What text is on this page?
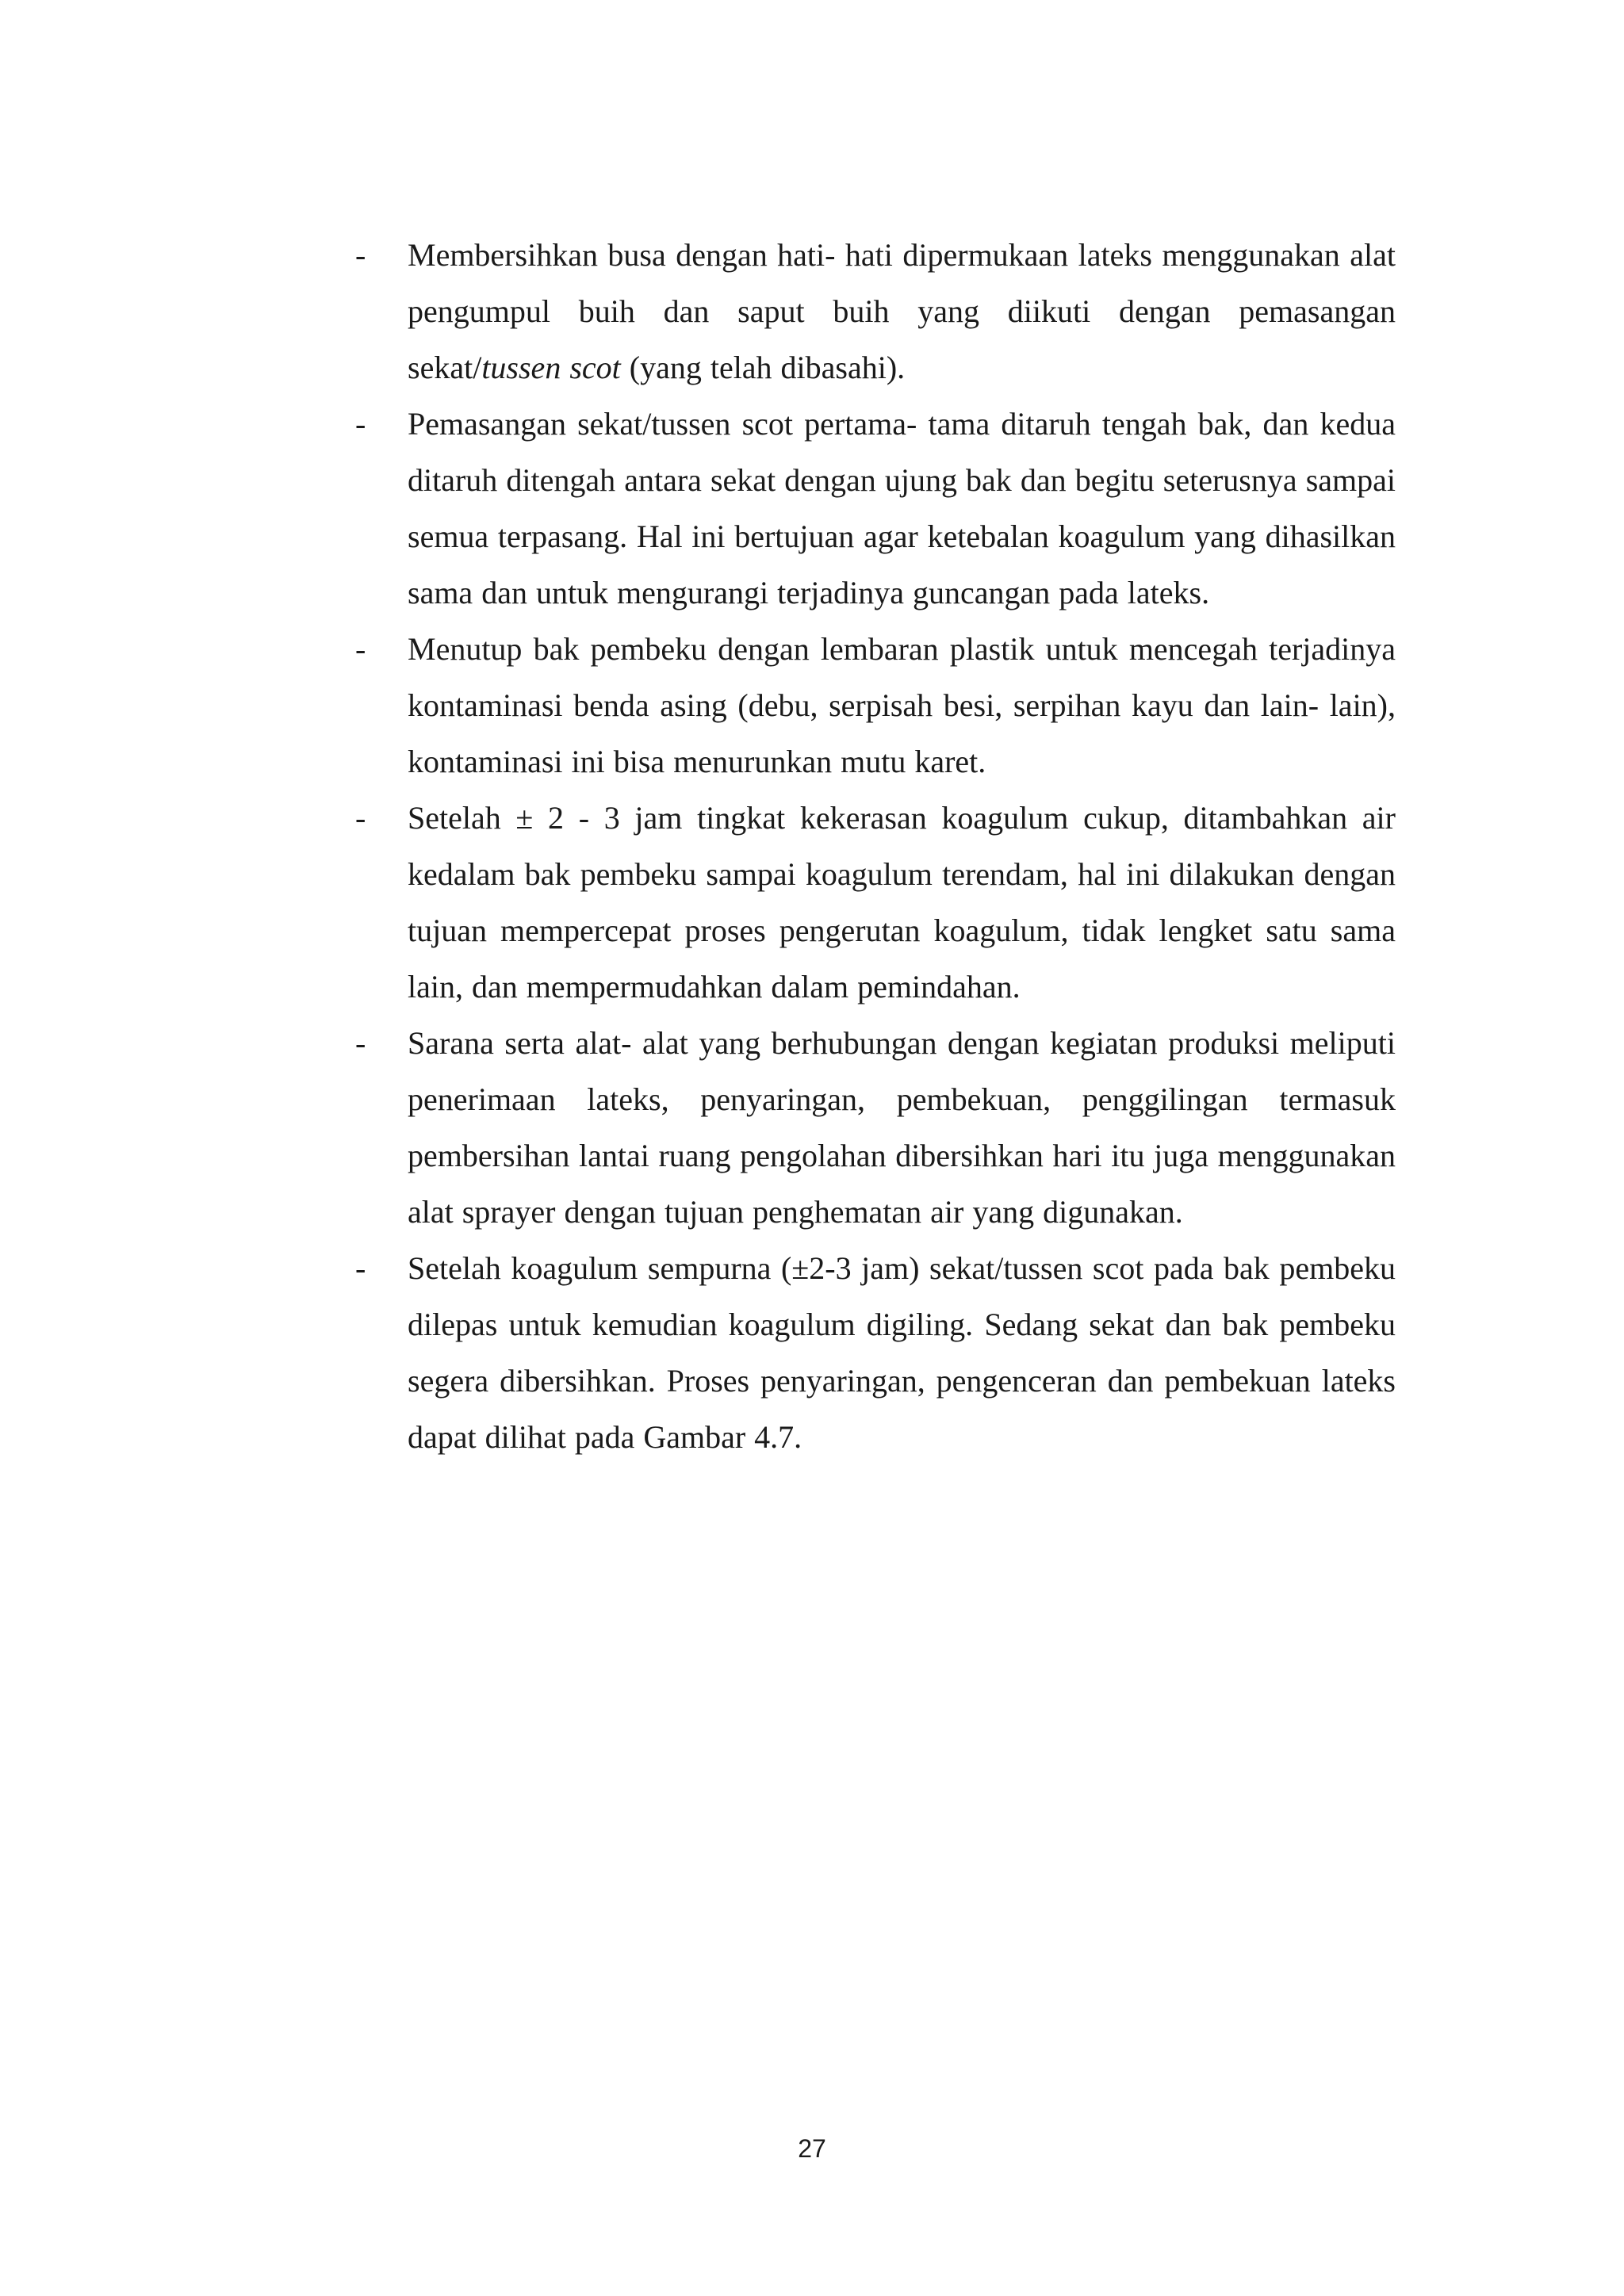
-	Membersihkan busa dengan hati- hati dipermukaan lateks menggunakan alat pengumpul buih dan saput buih yang diikuti dengan pemasangan sekat/tussen scot (yang telah dibasahi).
-	Pemasangan sekat/tussen scot pertama- tama ditaruh tengah bak, dan kedua ditaruh ditengah antara sekat dengan ujung bak dan begitu seterusnya sampai semua terpasang. Hal ini bertujuan agar ketebalan koagulum yang dihasilkan sama dan untuk mengurangi terjadinya guncangan pada lateks.
-	Menutup bak pembeku dengan lembaran plastik untuk mencegah terjadinya kontaminasi benda asing (debu, serpisah besi, serpihan kayu dan lain- lain), kontaminasi ini bisa menurunkan mutu karet.
-	Setelah ± 2 - 3 jam tingkat kekerasan koagulum cukup, ditambahkan air kedalam bak pembeku sampai koagulum terendam, hal ini dilakukan dengan tujuan mempercepat proses pengerutan koagulum, tidak lengket satu sama lain, dan mempermudahkan dalam pemindahan.
-	Sarana serta alat- alat yang berhubungan dengan kegiatan produksi meliputi penerimaan lateks, penyaringan, pembekuan, penggilingan termasuk pembersihan lantai ruang pengolahan dibersihkan hari itu juga menggunakan alat sprayer dengan tujuan penghematan air yang digunakan.
-	Setelah koagulum sempurna (±2-3 jam) sekat/tussen scot pada bak pembeku dilepas untuk kemudian koagulum digiling. Sedang sekat dan bak pembeku segera dibersihkan. Proses penyaringan, pengenceran dan pembekuan lateks dapat dilihat pada Gambar 4.7.
27
